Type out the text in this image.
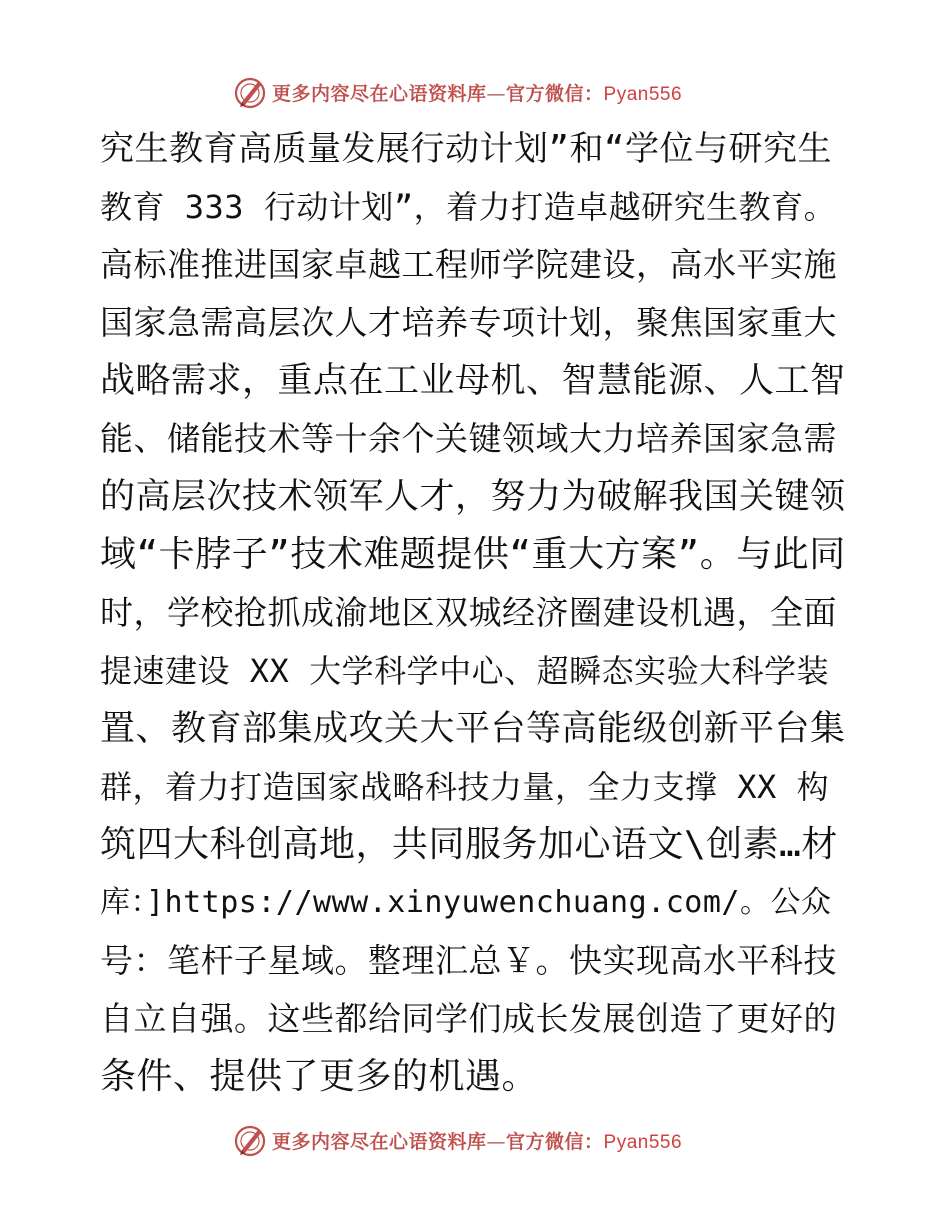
更多内容尽在心语资料库—官方微信：Pyan556
究生教育高质量发展行动计划”和“学位与研究生
教育 333 行动计划”，着力打造卓越研究生教育。
高标准推进国家卓越工程师学院建设，高水平实施
国家急需高层次人才培养专项计划，聚焦国家重大
战略需求，重点在工业母机、智慧能源、人工智
能、储能技术等十余个关键领域大力培养国家急需
的高层次技术领军人才，努力为破解我国关键领
域“卡脖子”技术难题提供“重大方案”。与此同
时，学校抢抓成渝地区双城经济圈建设机遇，全面
提速建设 XX 大学科学中心、超瞬态实验大科学装
置、教育部集成攻关大平台等高能级创新平台集
群，着力打造国家战略科技力量，全力支撑 XX 构
筑四大科创高地，共同服务加心语文\创素…材
库：]https://www.xinyuwenchuang.com/。公众
号：笔杆子星域。整理汇总￥。快实现高水平科技
自立自强。这些都给同学们成长发展创造了更好的
条件、提供了更多的机遇。
更多内容尽在心语资料库—官方微信：Pyan556
